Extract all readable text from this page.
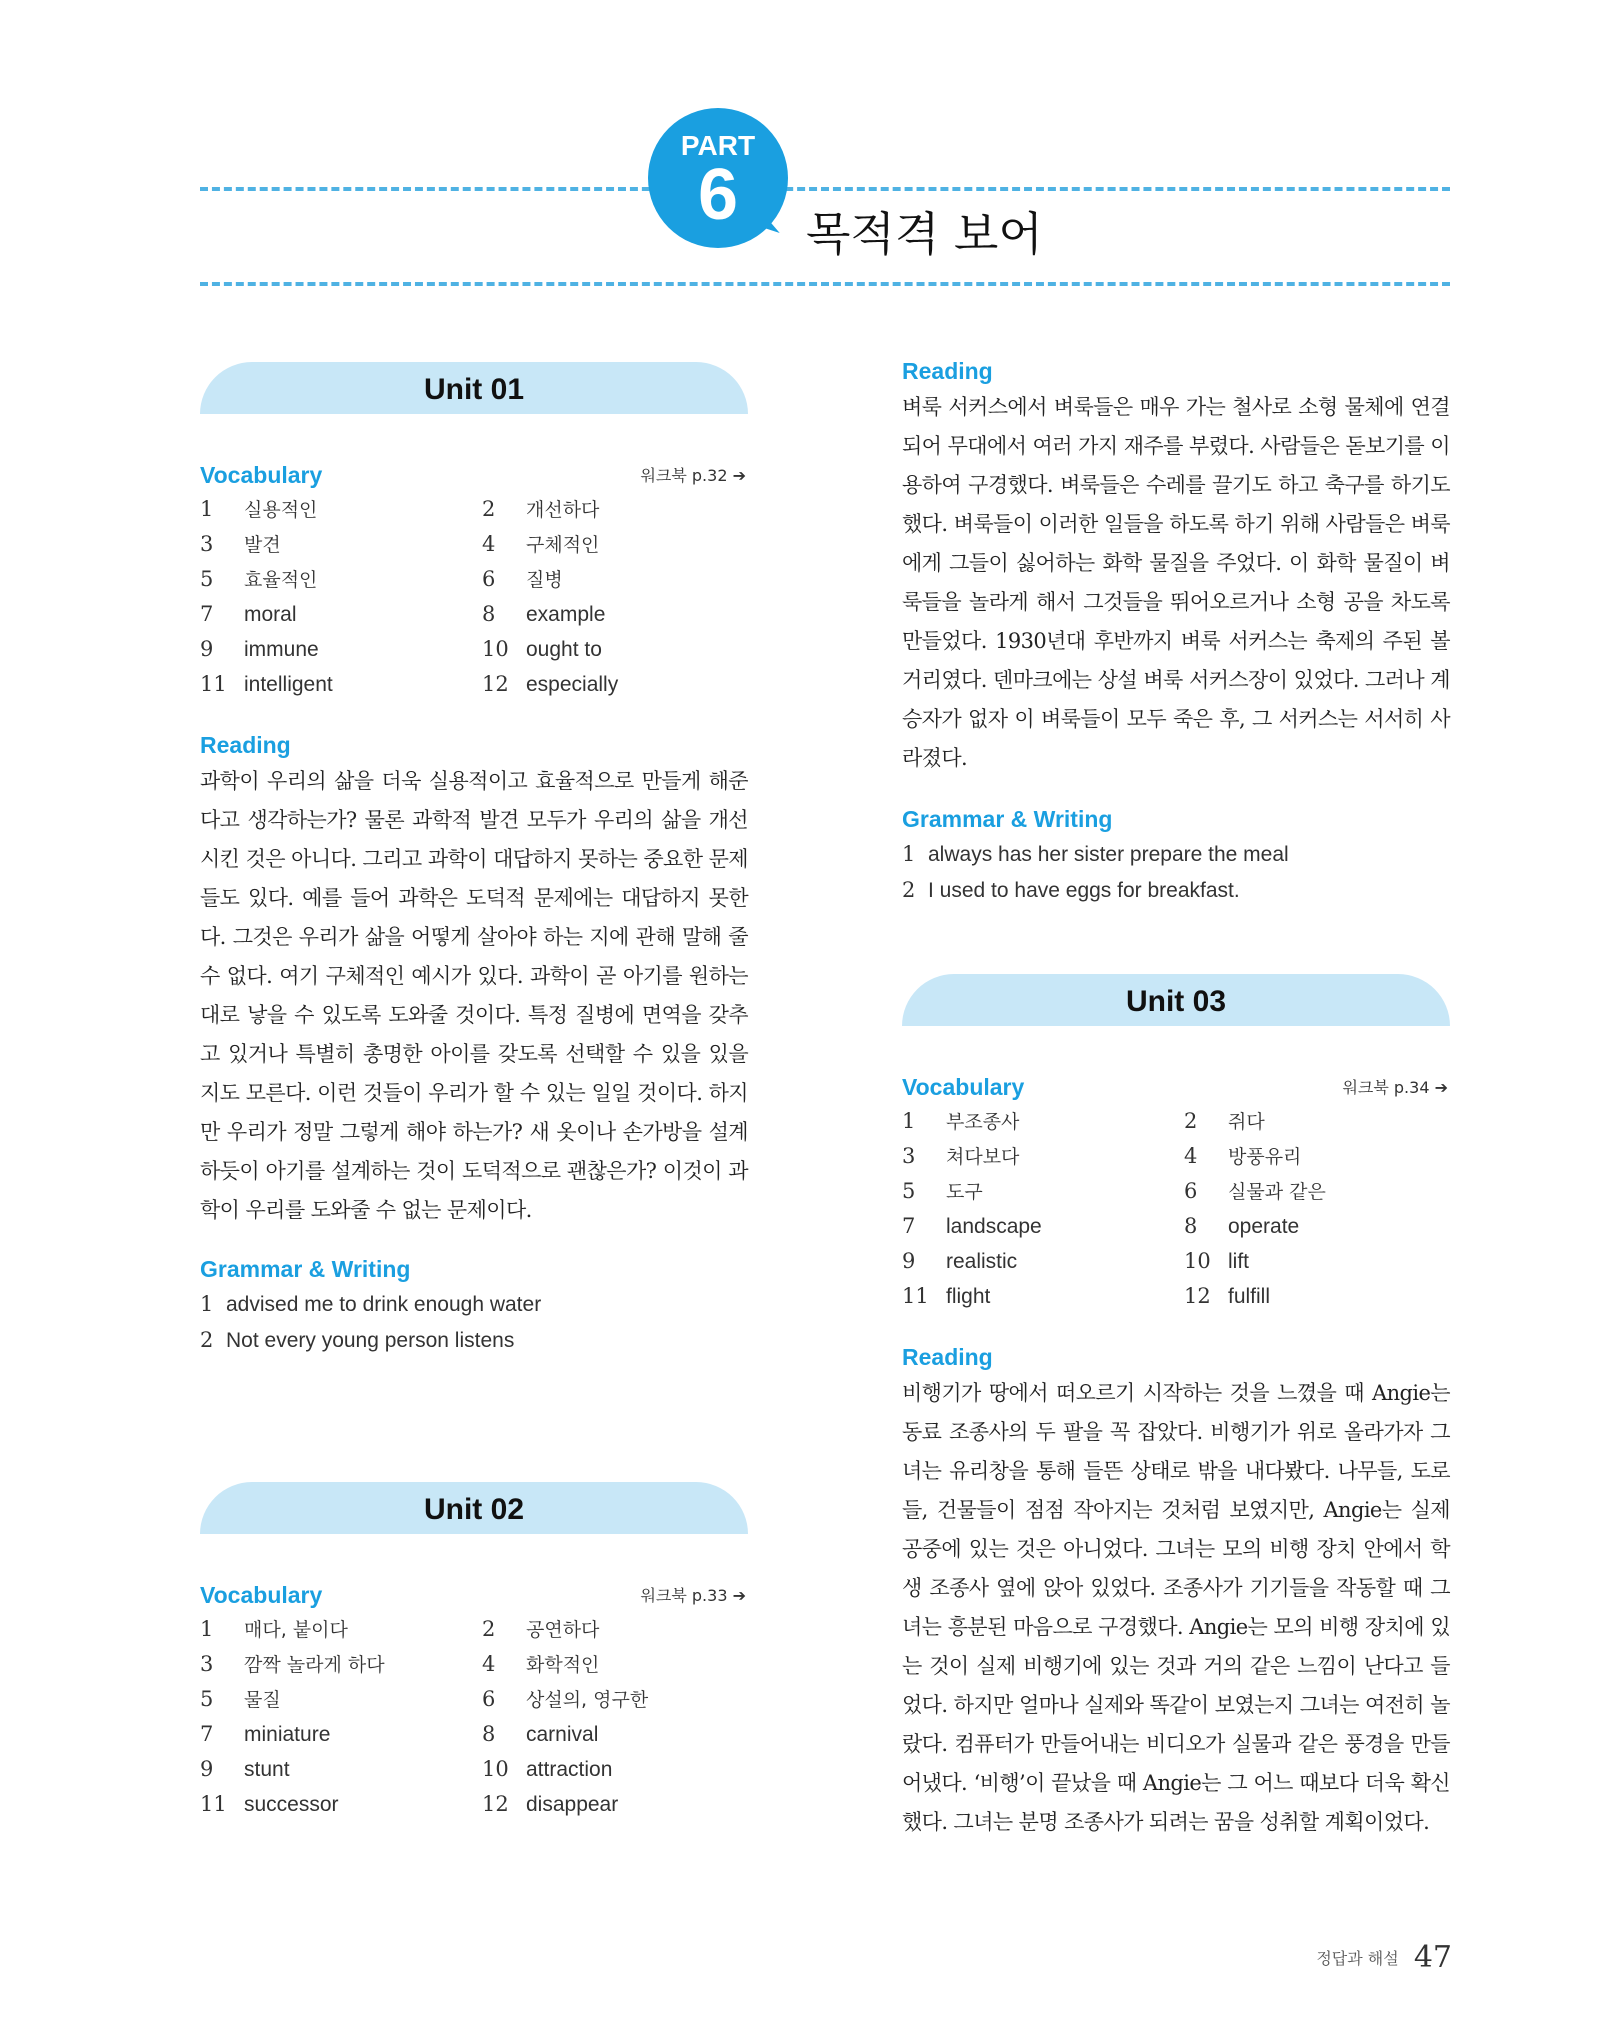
PART
6	목적격 보어
Unit 01
Vocabulary	워크북 p.32 ➔
1 실용적인	2 개선하다
3 발견	4 구체적인
5 효율적인	6 질병
7 moral	8 example
9 immune	10 ought to
11 intelligent	12 especially
Reading

과학이 우리의 삶을 더욱 실용적이고 효율적으로 만들게 해준다고 생각하는가? 물론 과학적 발견 모두가 우리의 삶을 개선시킨 것은 아니다. 그리고 과학이 대답하지 못하는 중요한 문제들도 있다. 예를 들어 과학은 도덕적 문제에는 대답하지 못한다. 그것은 우리가 삶을 어떻게 살아야 하는 지에 관해 말해 줄 수 없다. 여기 구체적인 예시가 있다. 과학이 곧 아기를 원하는대로 낳을 수 있도록 도와줄 것이다. 특정 질병에 면역을 갖추고 있거나 특별히 총명한 아이를 갖도록 선택할 수 있을 있을 지도 모른다. 이런 것들이 우리가 할 수 있는 일일 것이다. 하지만 우리가 정말 그렇게 해야 하는가? 새 옷이나 손가방을 설계하듯이 아기를 설계하는 것이 도덕적으로 괜찮은가? 이것이 과학이 우리를 도와줄 수 없는 문제이다.

Grammar & Writing
1 advised me to drink enough water
2 Not every young person listens
Unit 02
Vocabulary	워크북 p.33 ➔
1 매다, 붙이다	2 공연하다
3 깜짝 놀라게 하다	4 화학적인
5 물질	6 상설의, 영구한
7 miniature	8 carnival
9 stunt	10 attraction
11 successor	12 disappear
Reading

벼룩 서커스에서 벼룩들은 매우 가는 철사로 소형 물체에 연결되어 무대에서 여러 가지 재주를 부렸다. 사람들은 돋보기를 이용하여 구경했다. 벼룩들은 수레를 끌기도 하고 축구를 하기도 했다. 벼룩들이 이러한 일들을 하도록 하기 위해 사람들은 벼룩에게 그들이 싫어하는 화학 물질을 주었다. 이 화학 물질이 벼룩들을 놀라게 해서 그것들을 뛰어오르거나 소형 공을 차도록 만들었다. 1930년대 후반까지 벼룩 서커스는 축제의 주된 볼거리였다. 덴마크에는 상설 벼룩 서커스장이 있었다. 그러나 계승자가 없자 이 벼룩들이 모두 죽은 후, 그 서커스는 서서히 사라졌다.

Grammar & Writing
1 always has her sister prepare the meal
2 I used to have eggs for breakfast.
Unit 03
Vocabulary	워크북 p.34 ➔
1 부조종사	2 쥐다
3 쳐다보다	4 방풍유리
5 도구	6 실물과 같은
7 landscape	8 operate
9 realistic	10 lift
11 flight	12 fulfill
Reading

비행기가 땅에서 떠오르기 시작하는 것을 느꼈을 때 Angie는 동료 조종사의 두 팔을 꼭 잡았다. 비행기가 위로 올라가자 그녀는 유리창을 통해 들뜬 상태로 밖을 내다봤다. 나무들, 도로들, 건물들이 점점 작아지는 것처럼 보였지만, Angie는 실제 공중에 있는 것은 아니었다. 그녀는 모의 비행 장치 안에서 학생 조종사 옆에 앉아 있었다. 조종사가 기기들을 작동할 때 그녀는 흥분된 마음으로 구경했다. Angie는 모의 비행 장치에 있는 것이 실제 비행기에 있는 것과 거의 같은 느낌이 난다고 들었다. 하지만 얼마나 실제와 똑같이 보였는지 그녀는 여전히 놀랐다. 컴퓨터가 만들어내는 비디오가 실물과 같은 풍경을 만들어냈다. ‘비행’이 끝났을 때 Angie는 그 어느 때보다 더욱 확신했다. 그녀는 분명 조종사가 되려는 꿈을 성취할 계획이었다.

정답과 해설 47
